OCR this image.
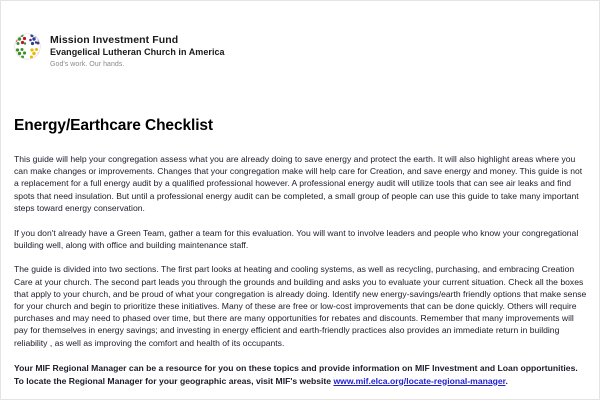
Mission Investment Fund
Evangelical Lutheran Church in America
God's work. Our hands.
Energy/Earthcare Checklist

This guide will help your congregation assess what you are already doing to save energy and protect the earth. It will also highlight areas where you can make changes or improvements. Changes that your congregation make will help care for Creation, and save energy and money. This guide is not a replacement for a full energy audit by a qualified professional however. A professional energy audit will utilize tools that can see air leaks and find spots that need insulation. But until a professional energy audit can be completed, a small group of people can use this guide to take many important steps toward energy conservation.

If you don't already have a Green Team, gather a team for this evaluation. You will want to involve leaders and people who know your congregational building well, along with office and building maintenance staff.

The guide is divided into two sections. The first part looks at heating and cooling systems, as well as recycling, purchasing, and embracing Creation Care at your church. The second part leads you through the grounds and building and asks you to evaluate your current situation. Check all the boxes that apply to your church, and be proud of what your congregation is already doing. Identify new energy-savings/earth friendly options that make sense for your church and begin to prioritize these initiatives. Many of these are free or low-cost improvements that can be done quickly. Others will require purchases and may need to phased over time, but there are many opportunities for rebates and discounts. Remember that many improvements will pay for themselves in energy savings; and investing in energy efficient and earth-friendly practices also provides an immediate return in building reliability , as well as improving the comfort and health of its occupants.

Your MIF Regional Manager can be a resource for you on these topics and provide information on MIF Investment and Loan opportunities. To locate the Regional Manager for your geographic areas, visit MIF's website www.mif.elca.org/locate-regional-manager.
